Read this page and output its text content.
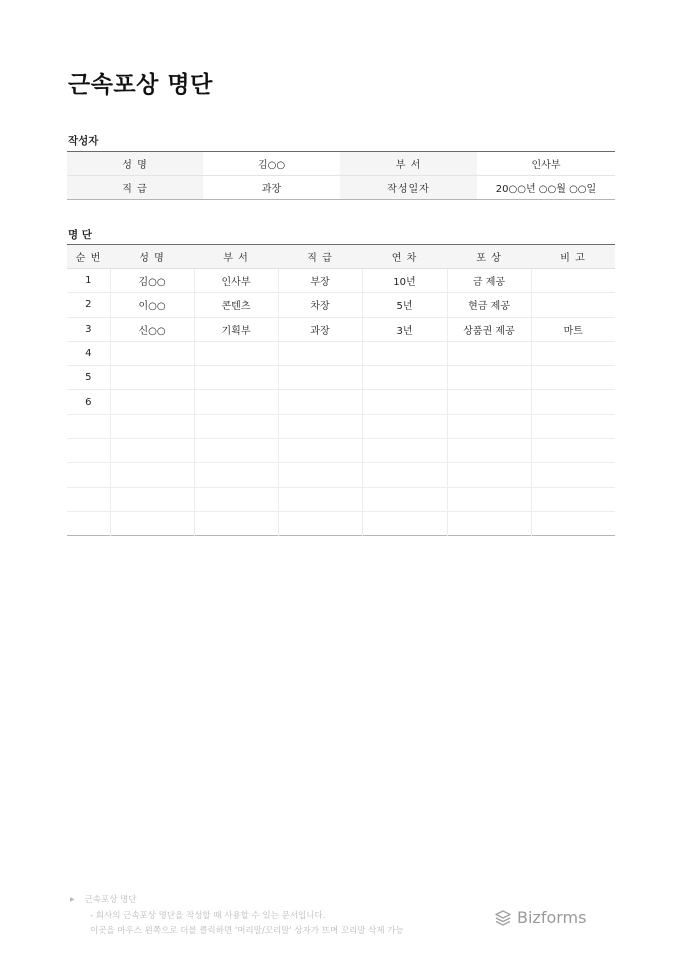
근속포상 명단
작성자
성 명	김○○	부 서	인사부
직 급	과장	작성일자	20○○년 ○○월 ○○일
명 단
순 번	성 명	부 서	직 급	연 차	포 상	비 고
1	김○○	인사부	부장	10년	금 제공	
2	이○○	콘텐츠	차장	5년	현금 제공	
3	신○○	기획부	과장	3년	상품권 제공	마트
4						
5						
6						

▶ 근속포상 명단
- 회사의 근속포상 명단을 작성할 때 사용할 수 있는 문서입니다.
이곳을 마우스 왼쪽으로 더블 클릭하면 '머리말/꼬리말' 상자가 뜨며 꼬리말 삭제 가능
Bizforms
